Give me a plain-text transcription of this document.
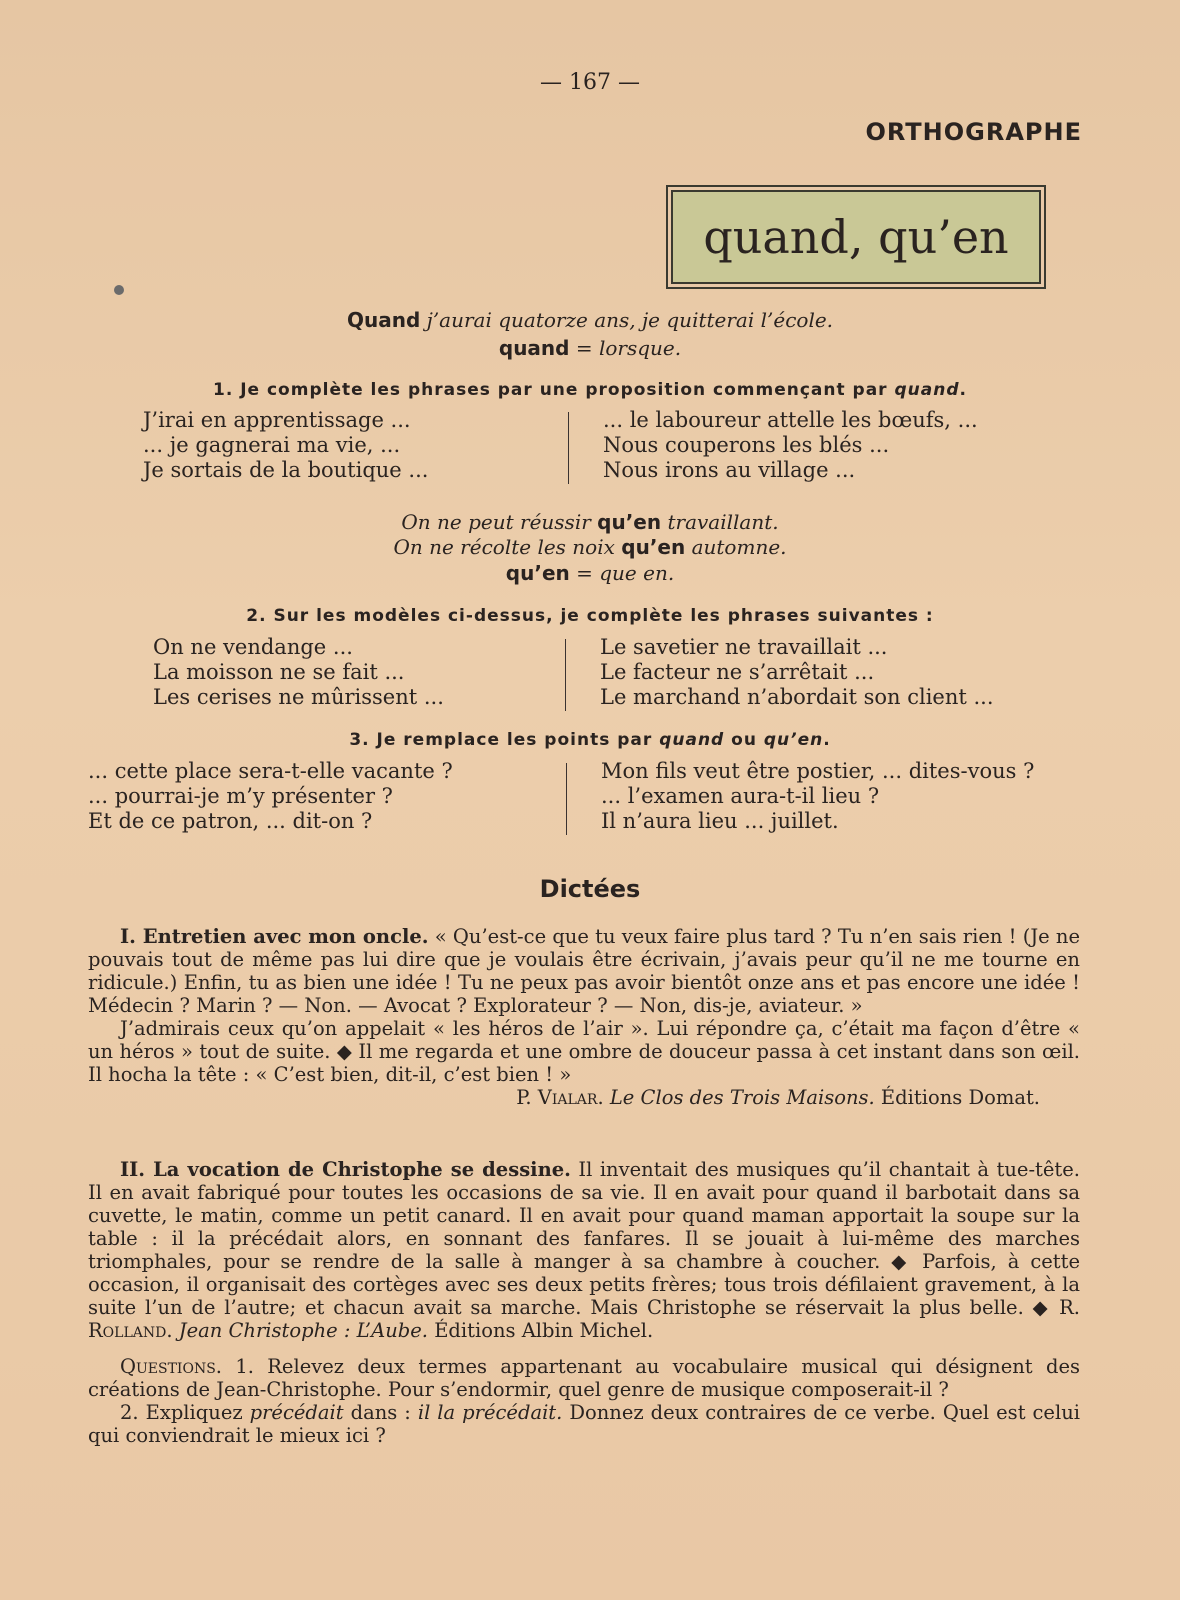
— 167 —
ORTHOGRAPHE
quand, qu’en
Quand j’aurai quatorze ans, je quitterai l’école.
quand = lorsque.
1. Je complète les phrases par une proposition commençant par quand.
J’irai en apprentissage ...
... je gagnerai ma vie, ...
Je sortais de la boutique ...
... le laboureur attelle les bœufs, ...
Nous couperons les blés ...
Nous irons au village ...
On ne peut réussir qu’en travaillant.
On ne récolte les noix qu’en automne.
qu’en = que en.
2. Sur les modèles ci-dessus, je complète les phrases suivantes :
On ne vendange ...
La moisson ne se fait ...
Les cerises ne mûrissent ...
Le savetier ne travaillait ...
Le facteur ne s’arrêtait ...
Le marchand n’abordait son client ...
3. Je remplace les points par quand ou qu’en.
... cette place sera-t-elle vacante ?
... pourrai-je m’y présenter ?
Et de ce patron, ... dit-on ?
Mon fils veut être postier, ... dites-vous ?
... l’examen aura-t-il lieu ?
Il n’aura lieu ... juillet.
Dictées

I. Entretien avec mon oncle. « Qu’est-ce que tu veux faire plus tard ? Tu n’en sais rien ! (Je ne pouvais tout de même pas lui dire que je voulais être écrivain, j’avais peur qu’il ne me tourne en ridicule.) Enfin, tu as bien une idée ! Tu ne peux pas avoir bientôt onze ans et pas encore une idée ! Médecin ? Marin ? — Non. — Avocat ? Explorateur ? — Non, dis-je, aviateur. »

J’admirais ceux qu’on appelait « les héros de l’air ». Lui répondre ça, c’était ma façon d’être « un héros » tout de suite. ◆ Il me regarda et une ombre de douceur passa à cet instant dans son œil. Il hocha la tête : « C’est bien, dit-il, c’est bien ! »

P. Vialar. Le Clos des Trois Maisons. Éditions Domat.

II. La vocation de Christophe se dessine. Il inventait des musiques qu’il chantait à tue-tête. Il en avait fabriqué pour toutes les occasions de sa vie. Il en avait pour quand il barbotait dans sa cuvette, le matin, comme un petit canard. Il en avait pour quand maman apportait la soupe sur la table : il la précédait alors, en sonnant des fanfares. Il se jouait à lui-même des marches triomphales, pour se rendre de la salle à manger à sa chambre à coucher. ◆ Parfois, à cette occasion, il organisait des cortèges avec ses deux petits frères; tous trois défilaient gravement, à la suite l’un de l’autre; et chacun avait sa marche. Mais Christophe se réservait la plus belle. ◆ R. Rolland. Jean Christophe : L’Aube. Éditions Albin Michel.

Questions. 1. Relevez deux termes appartenant au vocabulaire musical qui désignent des créations de Jean-Christophe. Pour s’endormir, quel genre de musique composerait-il ?

2. Expliquez précédait dans : il la précédait. Donnez deux contraires de ce verbe. Quel est celui qui conviendrait le mieux ici ?
